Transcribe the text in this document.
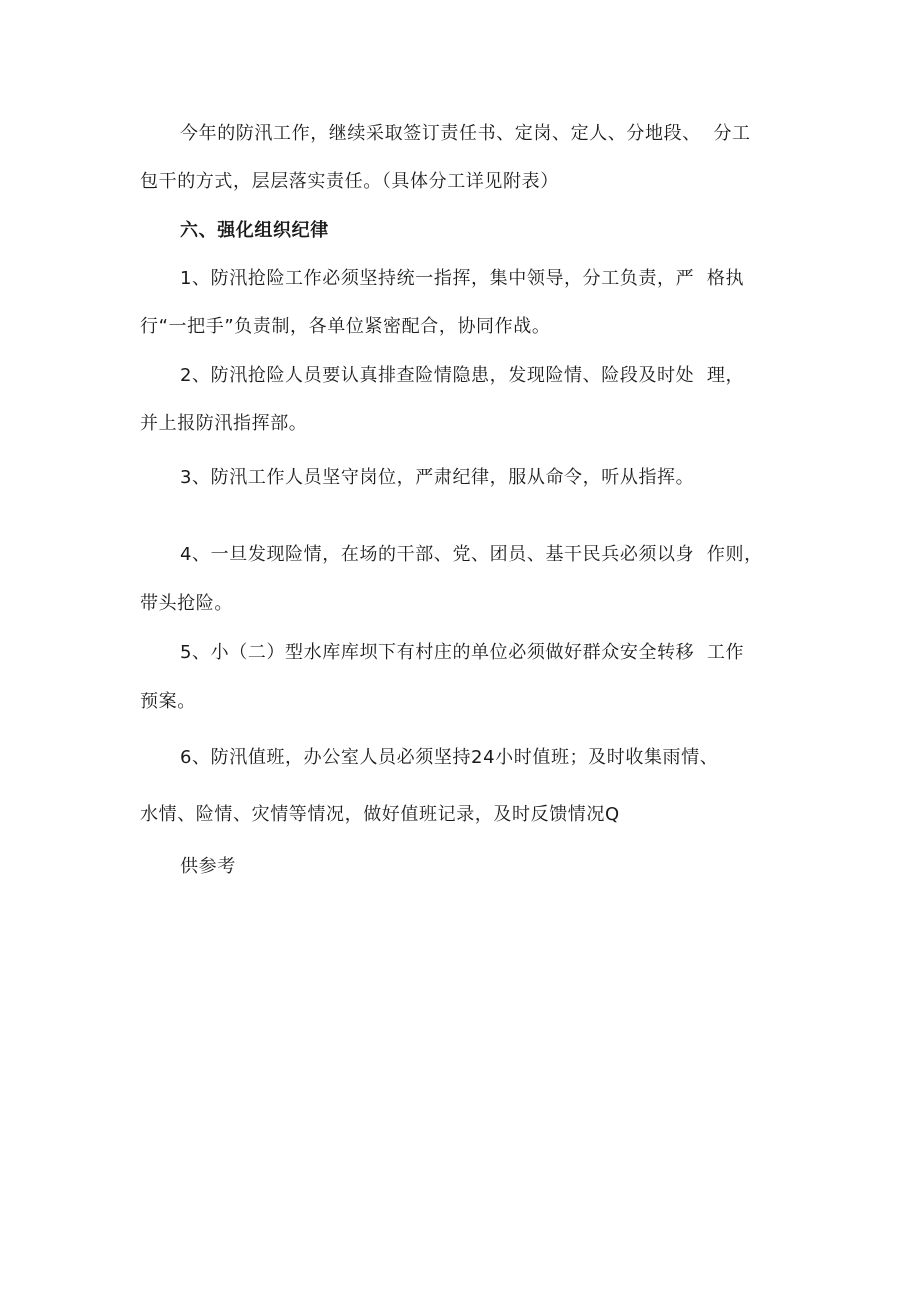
今年的防汛工作，继续采取签订责任书、定岗、定人、分地段、  分工
包干的方式，层层落实责任。（具体分工详见附表）
六、强化组织纪律
1、防汛抢险工作必须坚持统一指挥，集中领导，分工负责，严  格执
行“一把手”负责制，各单位紧密配合，协同作战。
2、防汛抢险人员要认真排查险情隐患，发现险情、险段及时处  理，
并上报防汛指挥部。
3、防汛工作人员坚守岗位，严肃纪律，服从命令，听从指挥。
4、一旦发现险情，在场的干部、党、团员、基干民兵必须以身  作则，
带头抢险。
5、小（二）型水库库坝下有村庄的单位必须做好群众安全转移  工作
预案。
6、防汛值班，办公室人员必须坚持24小时值班；及时收集雨情、
水情、险情、灾情等情况，做好值班记录，及时反馈情况Q
供参考
